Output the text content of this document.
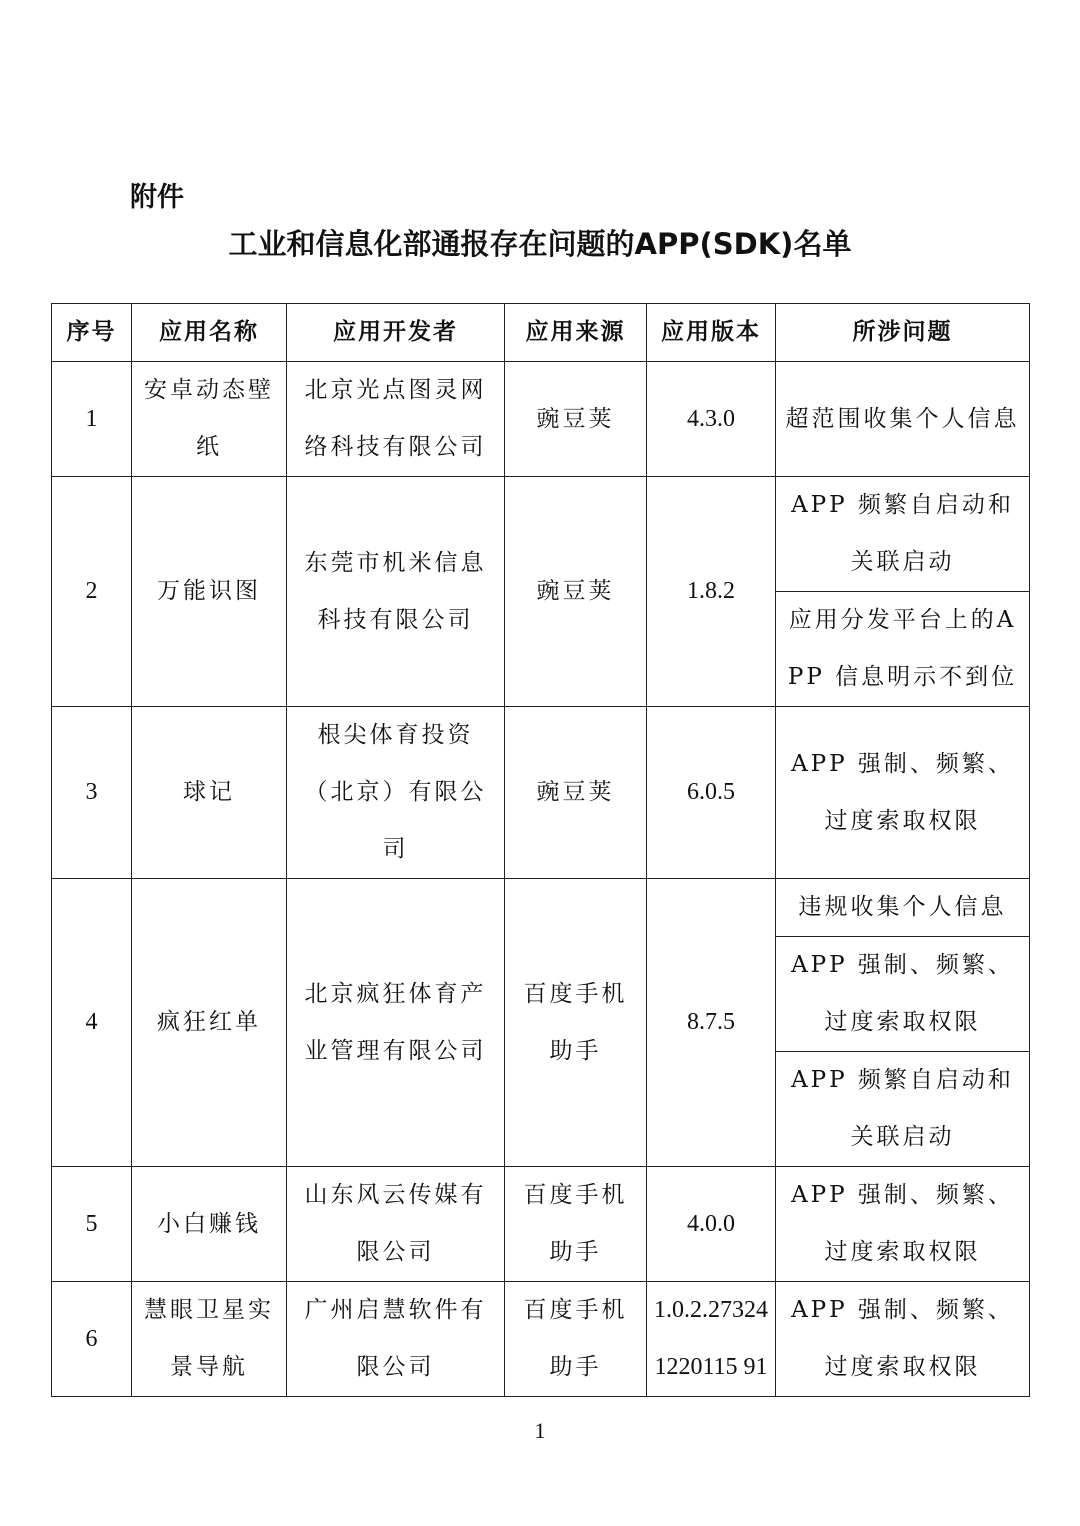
附件
工业和信息化部通报存在问题的APP(SDK)名单
序号	应用名称	应用开发者	应用来源	应用版本	所涉问题
1	安卓动态壁纸	北京光点图灵网络科技有限公司	豌豆荚	4.3.0	超范围收集个人信息
2	万能识图	东莞市机米信息科技有限公司	豌豆荚	1.8.2	APP 频繁自启动和关联启动
					应用分发平台上的APP 信息明示不到位
3	球记	根尖体育投资（北京）有限公司	豌豆荚	6.0.5	APP 强制、频繁、过度索取权限
4	疯狂红单	北京疯狂体育产业管理有限公司	百度手机助手	8.7.5	违规收集个人信息
					APP 强制、频繁、过度索取权限
					APP 频繁自启动和关联启动
5	小白赚钱	山东风云传媒有限公司	百度手机助手	4.0.0	APP 强制、频繁、过度索取权限
6	慧眼卫星实景导航	广州启慧软件有限公司	百度手机助手	1.0.2.273241220115 91	APP 强制、频繁、过度索取权限
1
